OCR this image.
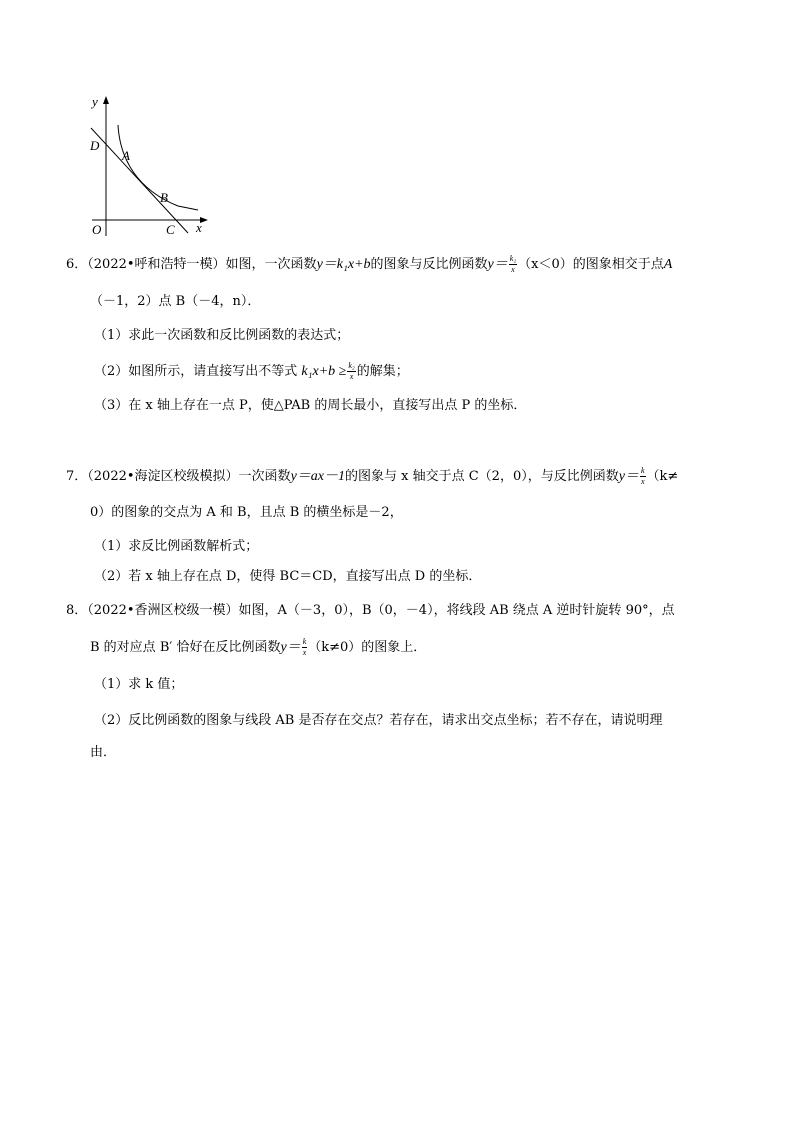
y
D
A
B
O	C x
6．（2022•呼和浩特一模）如图，一次函数y＝k₁x+b的图象与反比例函数$y= \frac{\text{k₂}}{x} (x<0)$的图象相交于点A
（－1，2）点 B（－4，n）．
（1）求此一次函数和反比例函数的表达式；
（2）如图所示，请直接写出不等式 $k_1x+b \ge \frac{\text{k₂}}{x}$ 的解集；
（3）在 x 轴上存在一点 P，使△PAB 的周长最小，直接写出点 P 的坐标．
7．（2022•海淀区校级模拟）一次函数y＝ax－1的图象与 x 轴交于点 C（2，0），与反比例函数$y= \frac{k}{x} (k\ne$
0）的图象的交点为 A 和 B，且点 B 的横坐标是－2，
（1）求反比例函数解析式；
（2）若 x 轴上存在点 D，使得 BC＝CD，直接写出点 D 的坐标．
8．（2022•香洲区校级一模）如图，A（－3，0），B（0，－4），将线段 AB 绕点 A 逆时针旋转 90°，点
B 的对应点 B′ 恰好在反比例函数$y= \frac{k}{x} (k\ne 0)$的图象上．
（1）求 k 值；
（2）反比例函数的图象与线段 AB 是否存在交点？若存在，请求出交点坐标；若不存在，请说明理
由．
